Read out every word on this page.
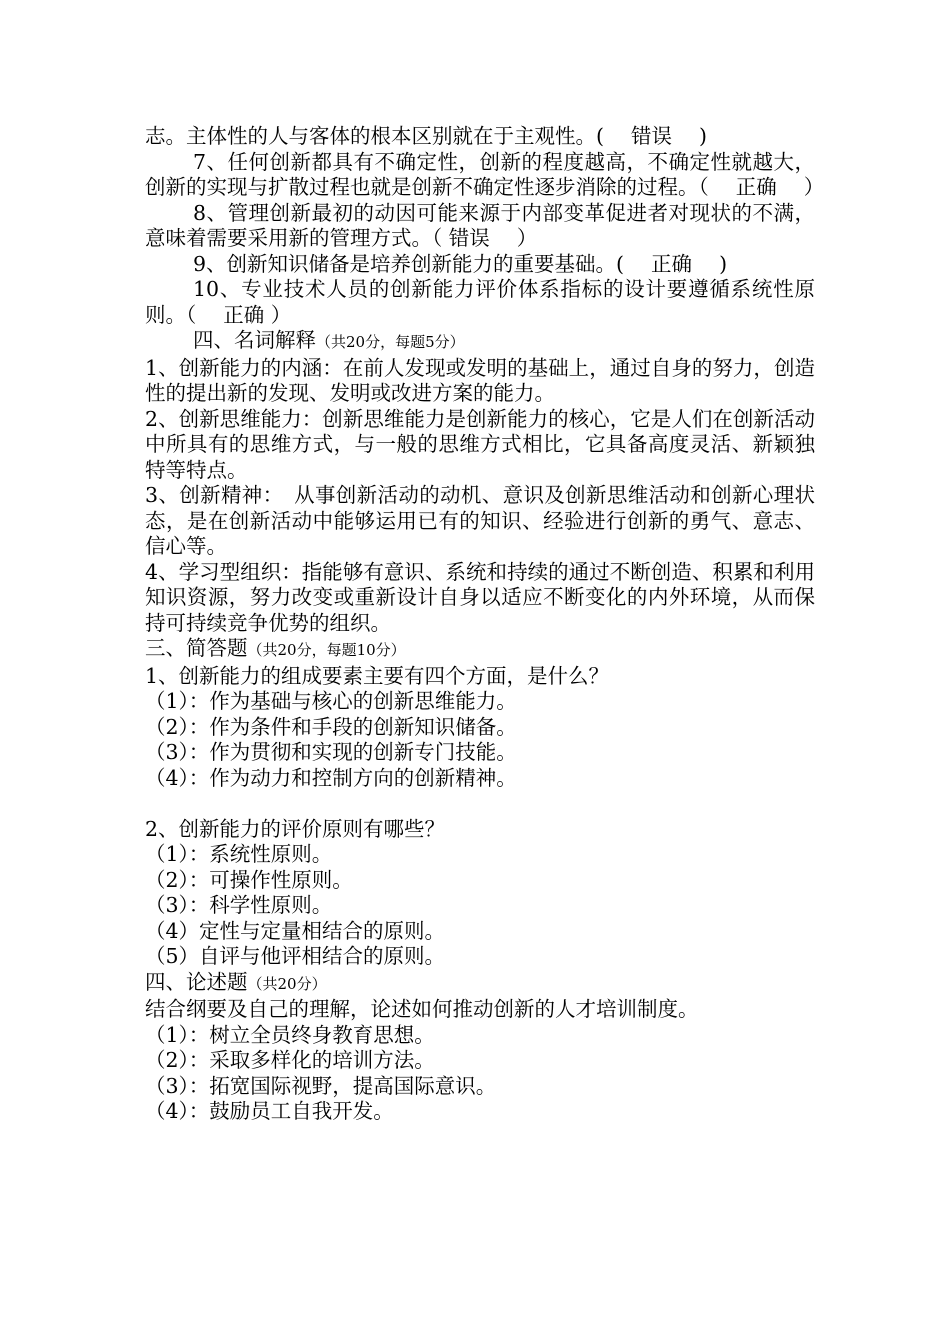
志。主体性的人与客体的根本区别就在于主观性。(　 错误　 )

7、任何创新都具有不确定性，创新的程度越高，不确定性就越大，创新的实现与扩散过程也就是创新不确定性逐步消除的过程。（　 正确　 ）

8、管理创新最初的动因可能来源于内部变革促进者对现状的不满，意味着需要采用新的管理方式。（ 错误　 ）

9、创新知识储备是培养创新能力的重要基础。(　 正确　 )

10、专业技术人员的创新能力评价体系指标的设计要遵循系统性原则。（　 正确 ）

四、名词解释（共20分，每题5分）

1、创新能力的内涵：在前人发现或发明的基础上，通过自身的努力，创造性的提出新的发现、发明或改进方案的能力。

2、创新思维能力：创新思维能力是创新能力的核心，它是人们在创新活动中所具有的思维方式，与一般的思维方式相比，它具备高度灵活、新颖独特等特点。

3、创新精神：　从事创新活动的动机、意识及创新思维活动和创新心理状态，是在创新活动中能够运用已有的知识、经验进行创新的勇气、意志、信心等。

4、学习型组织：指能够有意识、系统和持续的通过不断创造、积累和利用知识资源，努力改变或重新设计自身以适应不断变化的内外环境，从而保持可持续竞争优势的组织。

三、简答题（共20分，每题10分）

1、创新能力的组成要素主要有四个方面，是什么？

（1）：作为基础与核心的创新思维能力。

（2）：作为条件和手段的创新知识储备。

（3）：作为贯彻和实现的创新专门技能。

（4）：作为动力和控制方向的创新精神。

2、创新能力的评价原则有哪些？

（1）：系统性原则。

（2）：可操作性原则。

（3）：科学性原则。

（4）定性与定量相结合的原则。

（5）自评与他评相结合的原则。

四、论述题（共20分）

结合纲要及自己的理解，论述如何推动创新的人才培训制度。

（1）：树立全员终身教育思想。

（2）：采取多样化的培训方法。

（3）：拓宽国际视野，提高国际意识。

（4）：鼓励员工自我开发。
